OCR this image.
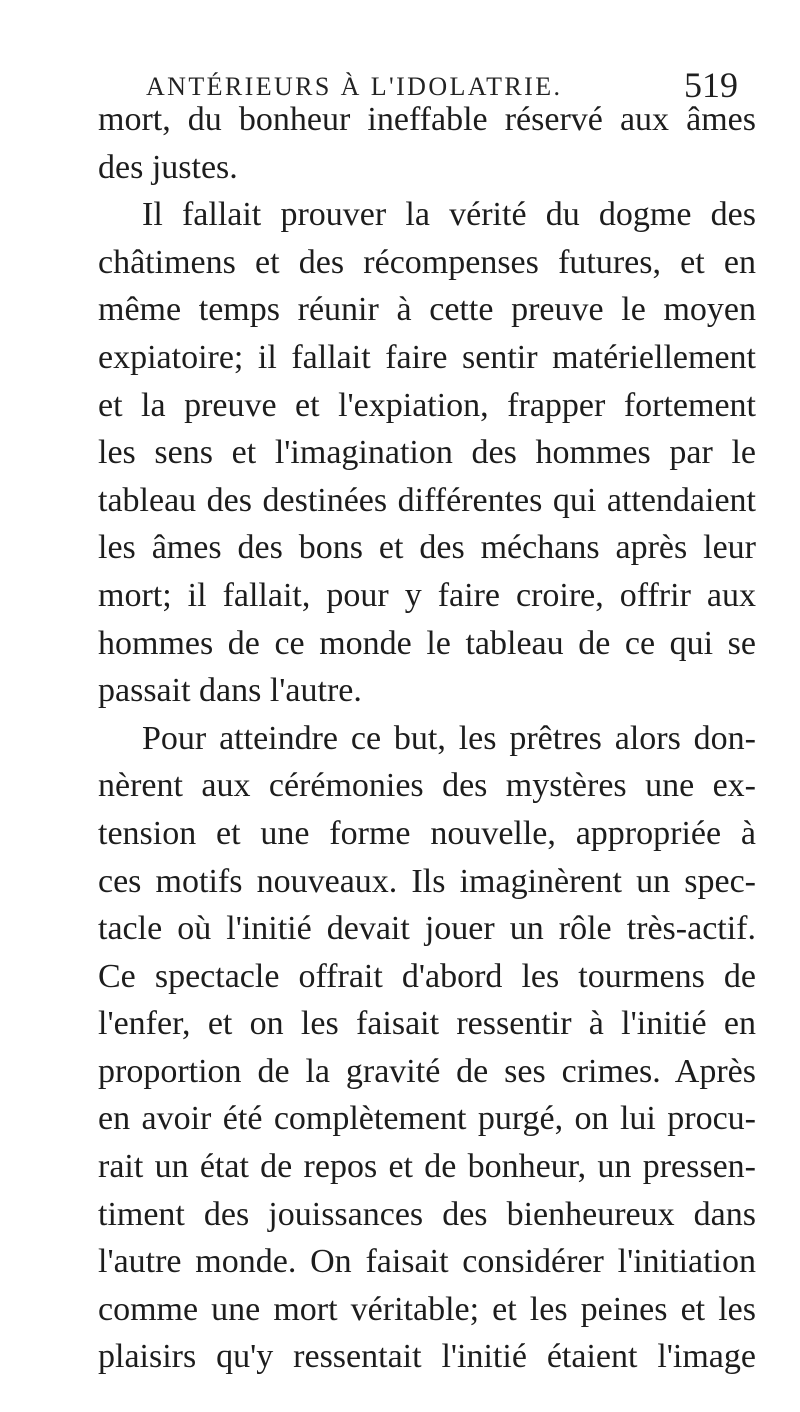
ANTÉRIEURS À L'IDOLATRIE.	519
mort, du bonheur ineffable réservé aux âmes
des justes.
Il fallait prouver la vérité du dogme des
châtimens et des récompenses futures, et en
même temps réunir à cette preuve le moyen
expiatoire; il fallait faire sentir matériellement
et la preuve et l'expiation, frapper fortement
les sens et l'imagination des hommes par le
tableau des destinées différentes qui attendaient
les âmes des bons et des méchans après leur
mort; il fallait, pour y faire croire, offrir aux
hommes de ce monde le tableau de ce qui se
passait dans l'autre.
Pour atteindre ce but, les prêtres alors don-
nèrent aux cérémonies des mystères une ex-
tension et une forme nouvelle, appropriée à
ces motifs nouveaux. Ils imaginèrent un spec-
tacle où l'initié devait jouer un rôle très-actif.
Ce spectacle offrait d'abord les tourmens de
l'enfer, et on les faisait ressentir à l'initié en
proportion de la gravité de ses crimes. Après
en avoir été complètement purgé, on lui procu-
rait un état de repos et de bonheur, un pressen-
timent des jouissances des bienheureux dans
l'autre monde. On faisait considérer l'initiation
comme une mort véritable; et les peines et les
plaisirs qu'y ressentait l'initié étaient l'image
